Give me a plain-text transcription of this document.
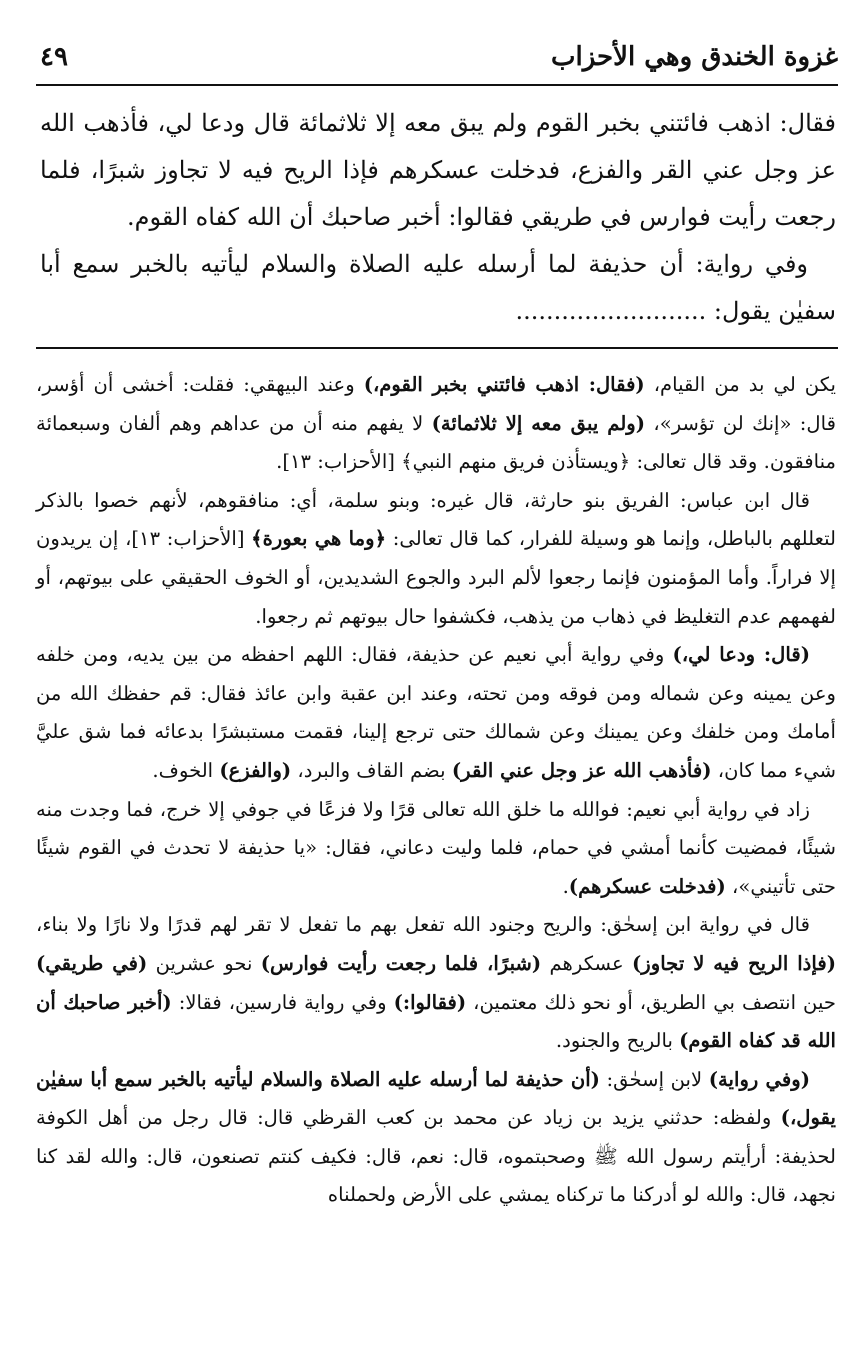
غزوة الخندق وهي الأحزاب
٤٩

فقال: اذهب فائتني بخبر القوم ولم يبق معه إلا ثلاثمائة قال ودعا لي، فأذهب الله عز وجل عني القر والفزع، فدخلت عسكرهم فإذا الريح فيه لا تجاوز شبرًا، فلما رجعت رأيت فوارس في طريقي فقالوا: أخبر صاحبك أن الله كفاه القوم.

وفي رواية: أن حذيفة لما أرسله عليه الصلاة والسلام ليأتيه بالخبر سمع أبا سفيٰن يقول: .........................

يكن لي بد من القيام، (فقال: اذهب فائتني بخبر القوم،) وعند البيهقي: فقلت: أخشى أن أؤسر، قال: «إنك لن تؤسر»، (ولم يبق معه إلا ثلاثمائة) لا يفهم منه أن من عداهم وهم ألفان وسبعمائة منافقون. وقد قال تعالى: ﴿ويستأذن فريق منهم النبي﴾ [الأحزاب: ١٣].

قال ابن عباس: الفريق بنو حارثة، قال غيره: وبنو سلمة، أي: منافقوهم، لأنهم خصوا بالذكر لتعللهم بالباطل، وإنما هو وسيلة للفرار، كما قال تعالى: ﴿وما هي بعورة﴾ [الأحزاب: ١٣]، إن يريدون إلا فراراً. وأما المؤمنون فإنما رجعوا لألم البرد والجوع الشديدين، أو الخوف الحقيقي على بيوتهم، أو لفهمهم عدم التغليظ في ذهاب من يذهب، فكشفوا حال بيوتهم ثم رجعوا.

(قال: ودعا لي،) وفي رواية أبي نعيم عن حذيفة، فقال: اللهم احفظه من بين يديه، ومن خلفه وعن يمينه وعن شماله ومن فوقه ومن تحته، وعند ابن عقبة وابن عائذ فقال: قم حفظك الله من أمامك ومن خلفك وعن يمينك وعن شمالك حتى ترجع إلينا، فقمت مستبشرًا بدعائه فما شق عليَّ شيء مما كان، (فأذهب الله عز وجل عني القر) بضم القاف والبرد، (والفزع) الخوف.

زاد في رواية أبي نعيم: فوالله ما خلق الله تعالى قرًا ولا فزعًا في جوفي إلا خرج، فما وجدت منه شيئًا، فمضيت كأنما أمشي في حمام، فلما وليت دعاني، فقال: «يا حذيفة لا تحدث في القوم شيئًا حتى تأتيني»، (فدخلت عسكرهم).

قال في رواية ابن إسحٰق: والريح وجنود الله تفعل بهم ما تفعل لا تقر لهم قدرًا ولا نارًا ولا بناء، (فإذا الريح فيه لا تجاوز) عسكرهم (شبرًا، فلما رجعت رأيت فوارس) نحو عشرين (في طريقي) حين انتصف بي الطريق، أو نحو ذلك معتمين، (فقالوا:) وفي رواية فارسين، فقالا: (أخبر صاحبك أن الله قد كفاه القوم) بالريح والجنود.

(وفي رواية) لابن إسحٰق: (أن حذيفة لما أرسله عليه الصلاة والسلام ليأتيه بالخبر سمع أبا سفيٰن يقول،) ولفظه: حدثني يزيد بن زياد عن محمد بن كعب القرظي قال: قال رجل من أهل الكوفة لحذيفة: أرأيتم رسول الله ﷺ وصحبتموه، قال: نعم، قال: فكيف كنتم تصنعون، قال: والله لقد كنا نجهد، قال: والله لو أدركنا ما تركناه يمشي على الأرض ولحملناه
